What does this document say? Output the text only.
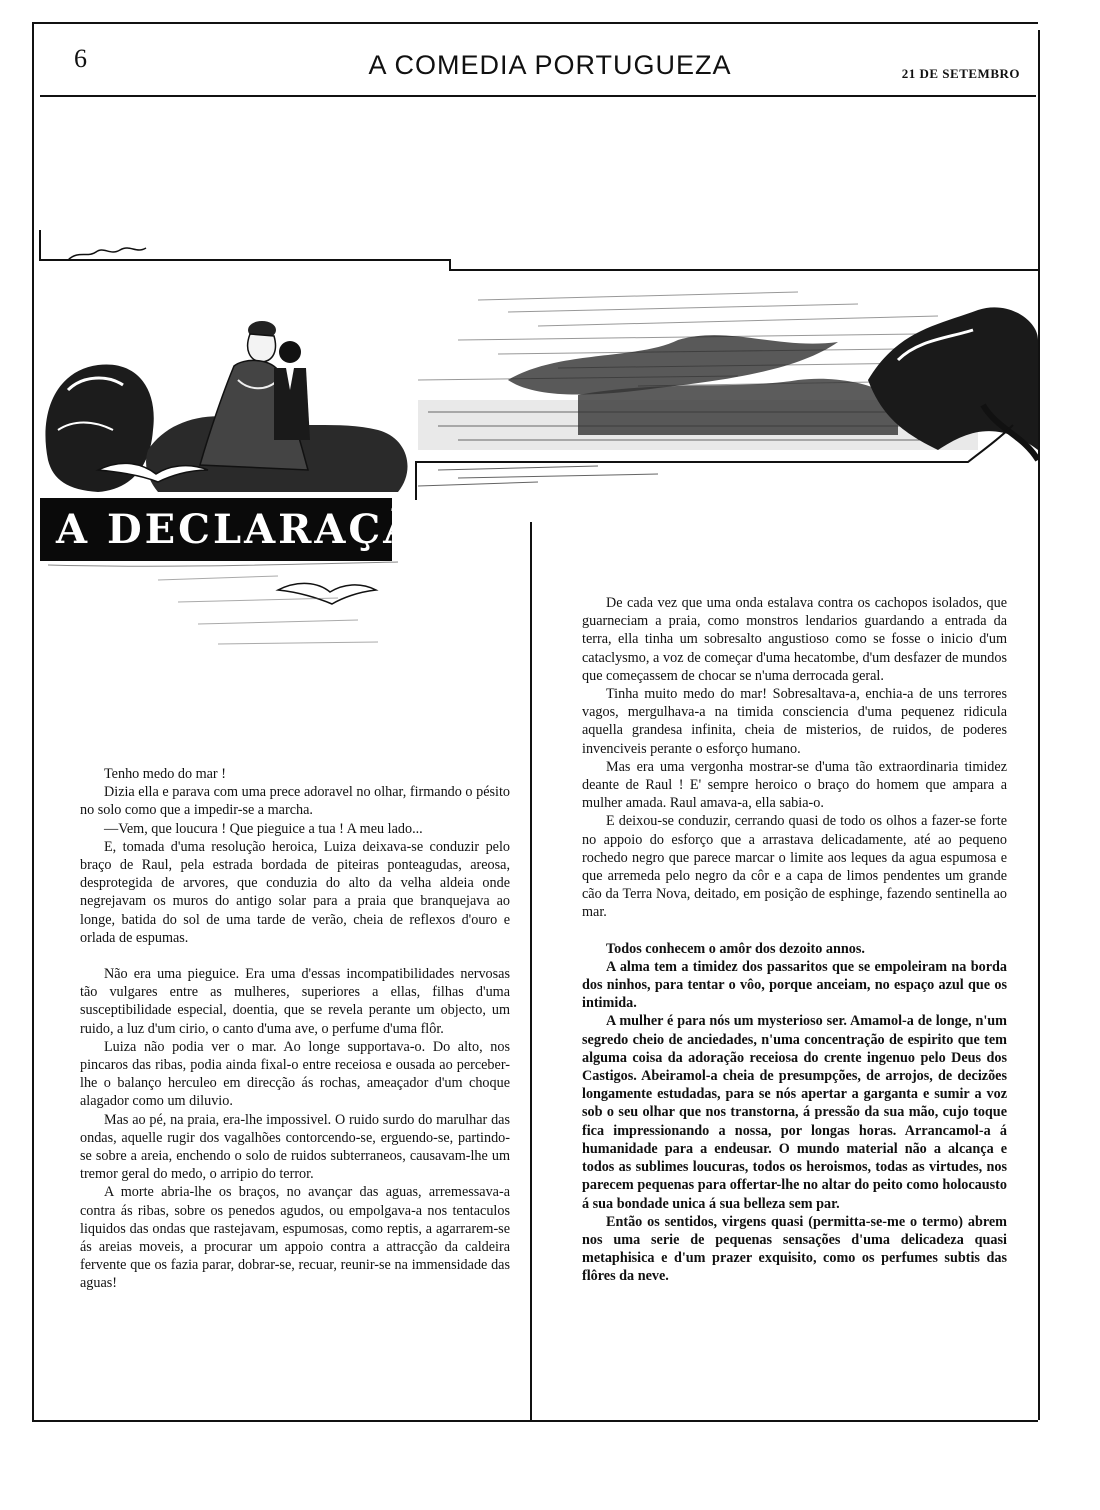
6	A COMEDIA PORTUGUEZA	21 DE SETEMBRO
A DECLARAÇÃO

Tenho medo do mar !

Dizia ella e parava com uma prece adoravel no olhar, firmando o pésito no solo como que a impedir-se a marcha.

—Vem, que loucura ! Que pieguice a tua ! A meu lado...

E, tomada d'uma resolução heroica, Luiza deixava-se conduzir pelo braço de Raul, pela estrada bordada de piteiras ponteagudas, areosa, desprotegida de arvores, que conduzia do alto da velha aldeia onde negrejavam os muros do antigo solar para a praia que branquejava ao longe, batida do sol de uma tarde de verão, cheia de reflexos d'ouro e orlada de espumas.

Não era uma pieguice. Era uma d'essas incompatibilidades nervosas tão vulgares entre as mulheres, superiores a ellas, filhas d'uma susceptibilidade especial, doentia, que se revela perante um objecto, um ruido, a luz d'um cirio, o canto d'uma ave, o perfume d'uma flôr.

Luiza não podia ver o mar. Ao longe supportava-o. Do alto, nos pincaros das ribas, podia ainda fixal-o entre receiosa e ousada ao perceber-lhe o balanço herculeo em direcção ás rochas, ameaçador d'um choque alagador como um diluvio.

Mas ao pé, na praia, era-lhe impossivel. O ruido surdo do marulhar das ondas, aquelle rugir dos vagalhões contorcendo-se, erguendo-se, partindo-se sobre a areia, enchendo o solo de ruidos subterraneos, causavam-lhe um tremor geral do medo, o arripio do terror.

A morte abria-lhe os braços, no avançar das aguas, arremessava-a contra ás ribas, sobre os penedos agudos, ou empolgava-a nos tentaculos liquidos das ondas que rastejavam, espumosas, como reptis, a agarrarem-se ás areias moveis, a procurar um appoio contra a attracção da caldeira fervente que os fazia parar, dobrar-se, recuar, reunir-se na immensidade das aguas!

De cada vez que uma onda estalava contra os cachopos isolados, que guarneciam a praia, como monstros lendarios guardando a entrada da terra, ella tinha um sobresalto angustioso como se fosse o inicio d'um cataclysmo, a voz de começar d'uma hecatombe, d'um desfazer de mundos que começassem de chocar se n'uma derrocada geral.

Tinha muito medo do mar! Sobresaltava-a, enchia-a de uns terrores vagos, mergulhava-a na timida consciencia d'uma pequenez ridicula aquella grandesa infinita, cheia de misterios, de ruidos, de poderes invenciveis perante o esforço humano.

Mas era uma vergonha mostrar-se d'uma tão extraordinaria timidez deante de Raul ! E' sempre heroico o braço do homem que ampara a mulher amada. Raul amava-a, ella sabia-o.

E deixou-se conduzir, cerrando quasi de todo os olhos a fazer-se forte no appoio do esforço que a arrastava delicadamente, até ao pequeno rochedo negro que parece marcar o limite aos leques da agua espumosa e que arremeda pelo negro da côr e a capa de limos pendentes um grande cão da Terra Nova, deitado, em posição de esphinge, fazendo sentinella ao mar.

Todos conhecem o amôr dos dezoito annos.

A alma tem a timidez dos passaritos que se empoleiram na borda dos ninhos, para tentar o vôo, porque anceiam, no espaço azul que os intimida.

A mulher é para nós um mysterioso ser. Amamol-a de longe, n'um segredo cheio de anciedades, n'uma concentração de espirito que tem alguma coisa da adoração receiosa do crente ingenuo pelo Deus dos Castigos. Abeiramol-a cheia de presumpções, de arrojos, de decizões longamente estudadas, para se nós apertar a garganta e sumir a voz sob o seu olhar que nos transtorna, á pressão da sua mão, cujo toque fica impressionando a nossa, por longas horas. Arrancamol-a á humanidade para a endeusar. O mundo material não a alcança e todos as sublimes loucuras, todos os heroismos, todas as virtudes, nos parecem pequenas para offertar-lhe no altar do peito como holocausto á sua bondade unica á sua belleza sem par.

Então os sentidos, virgens quasi (permitta-se-me o termo) abrem nos uma serie de pequenas sensações d'uma delicadeza quasi metaphisica e d'um prazer exquisito, como os perfumes subtis das flôres da neve.
